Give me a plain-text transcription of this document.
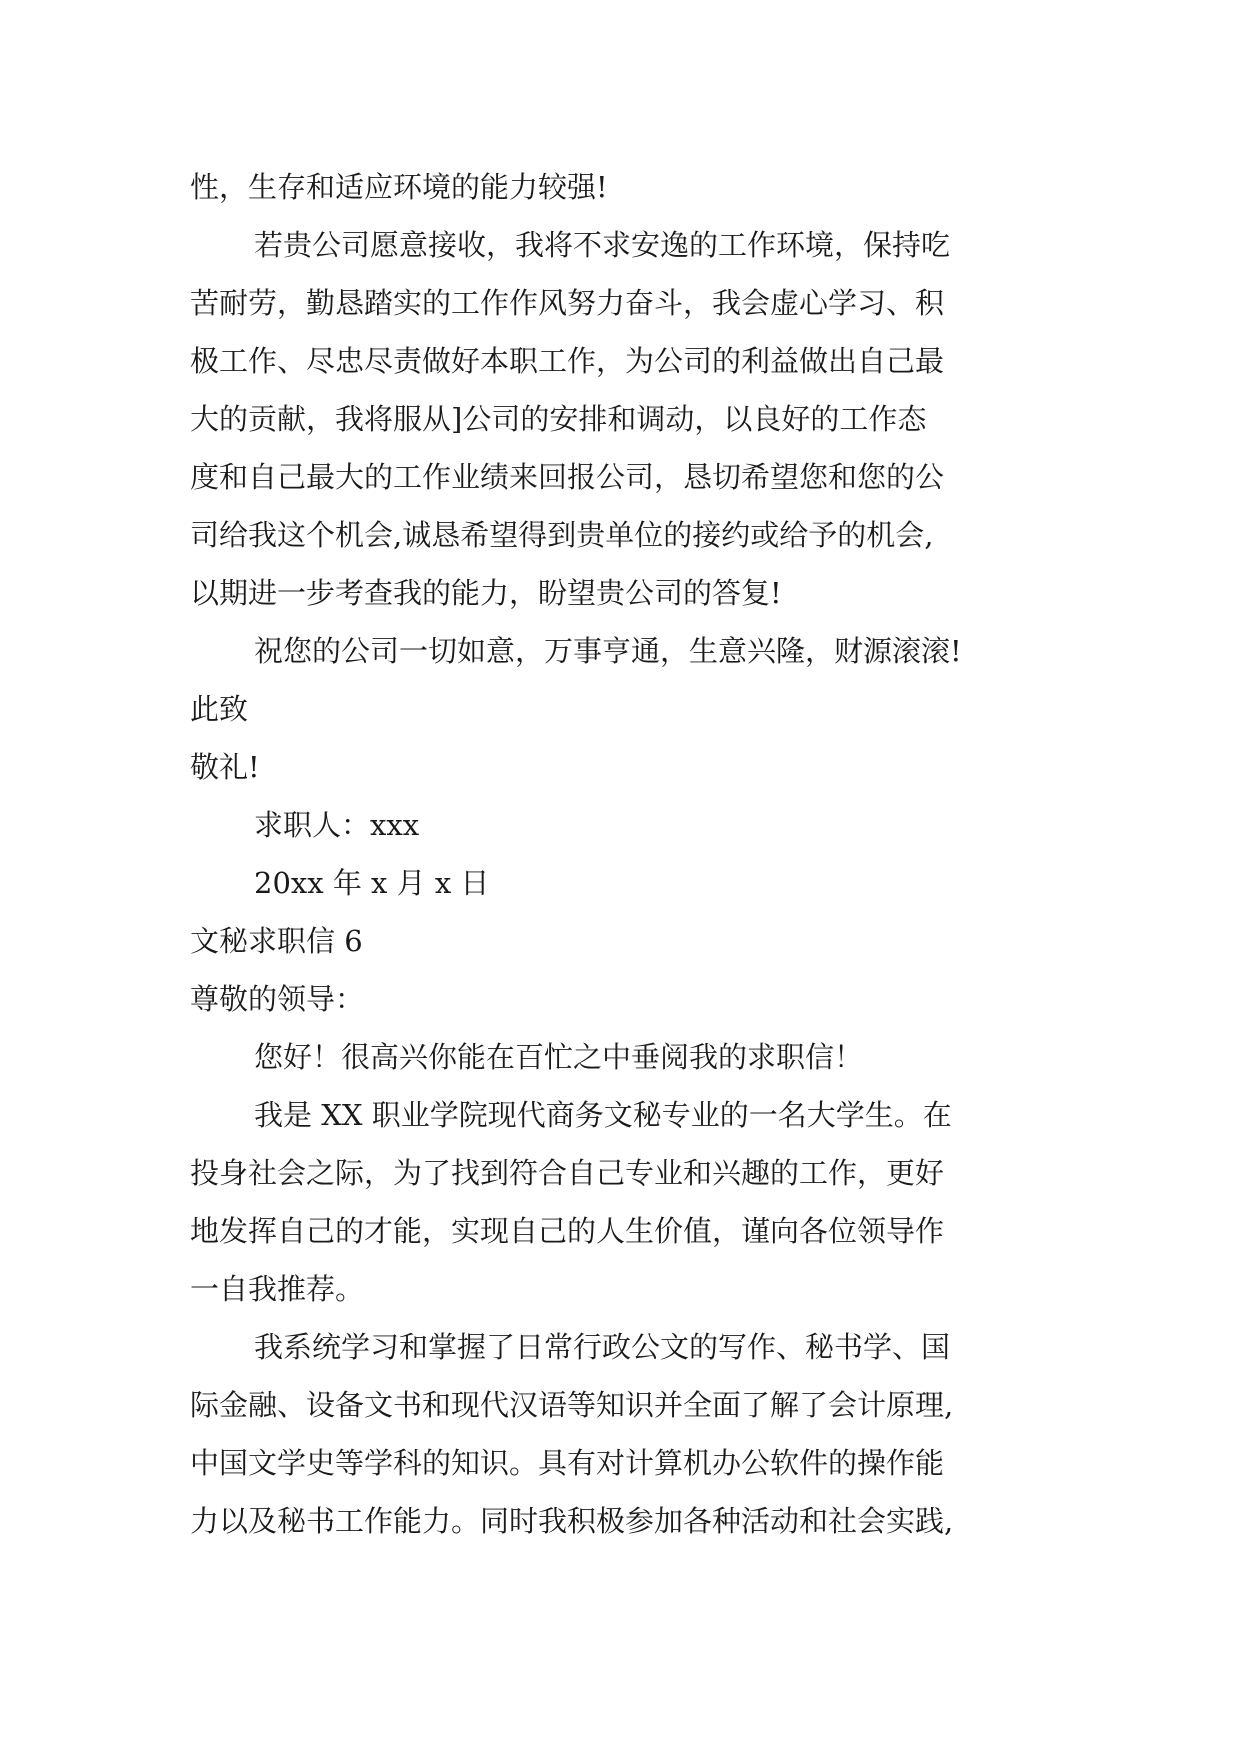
性，生存和适应环境的能力较强!
若贵公司愿意接收，我将不求安逸的工作环境，保持吃
苦耐劳，勤恳踏实的工作作风努力奋斗，我会虚心学习、积
极工作、尽忠尽责做好本职工作，为公司的利益做出自己最
大的贡献，我将服从]公司的安排和调动，以良好的工作态
度和自己最大的工作业绩来回报公司，恳切希望您和您的公
司给我这个机会,诚恳希望得到贵单位的接约或给予的机会,
以期进一步考查我的能力，盼望贵公司的答复!
祝您的公司一切如意，万事亨通，生意兴隆，财源滚滚!
此致
敬礼!
求职人：xxx
20xx 年 x 月 x 日
文秘求职信 6
尊敬的领导：
您好！很高兴你能在百忙之中垂阅我的求职信！
我是 XX 职业学院现代商务文秘专业的一名大学生。在
投身社会之际，为了找到符合自己专业和兴趣的工作，更好
地发挥自己的才能，实现自己的人生价值，谨向各位领导作
一自我推荐。
我系统学习和掌握了日常行政公文的写作、秘书学、国
际金融、设备文书和现代汉语等知识并全面了解了会计原理,
中国文学史等学科的知识。具有对计算机办公软件的操作能
力以及秘书工作能力。同时我积极参加各种活动和社会实践,
